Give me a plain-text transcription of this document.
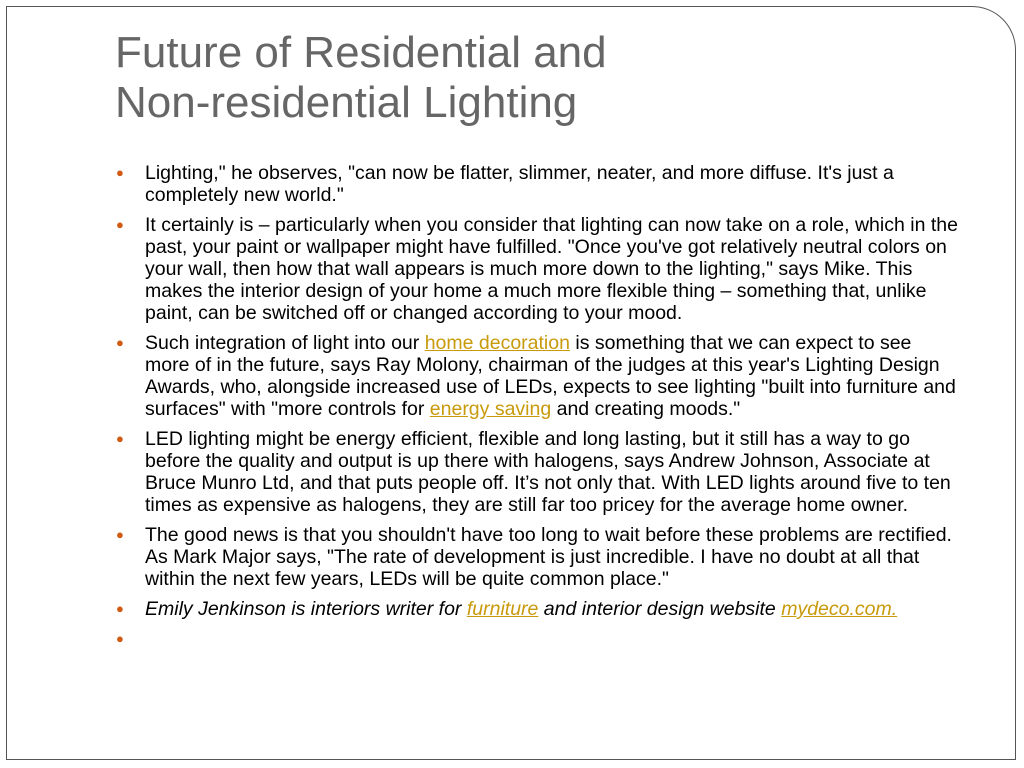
Future of Residential and
Non-residential Lighting
● Lighting," he observes, "can now be flatter, slimmer, neater, and more diffuse. It's just a completely new world."
● It certainly is – particularly when you consider that lighting can now take on a role, which in the past, your paint or wallpaper might have fulfilled. "Once you've got relatively neutral colors on your wall, then how that wall appears is much more down to the lighting," says Mike. This makes the interior design of your home a much more flexible thing – something that, unlike paint, can be switched off or changed according to your mood.
● Such integration of light into our home decoration is something that we can expect to see more of in the future, says Ray Molony, chairman of the judges at this year's Lighting Design Awards, who, alongside increased use of LEDs, expects to see lighting "built into furniture and surfaces" with "more controls for energy saving and creating moods."
● LED lighting might be energy efficient, flexible and long lasting, but it still has a way to go before the quality and output is up there with halogens, says Andrew Johnson, Associate at Bruce Munro Ltd, and that puts people off. It’s not only that. With LED lights around five to ten times as expensive as halogens, they are still far too pricey for the average home owner.
● The good news is that you shouldn't have too long to wait before these problems are rectified. As Mark Major says, "The rate of development is just incredible. I have no doubt at all that within the next few years, LEDs will be quite common place."
● Emily Jenkinson is interiors writer for furniture and interior design website mydeco.com.
●
